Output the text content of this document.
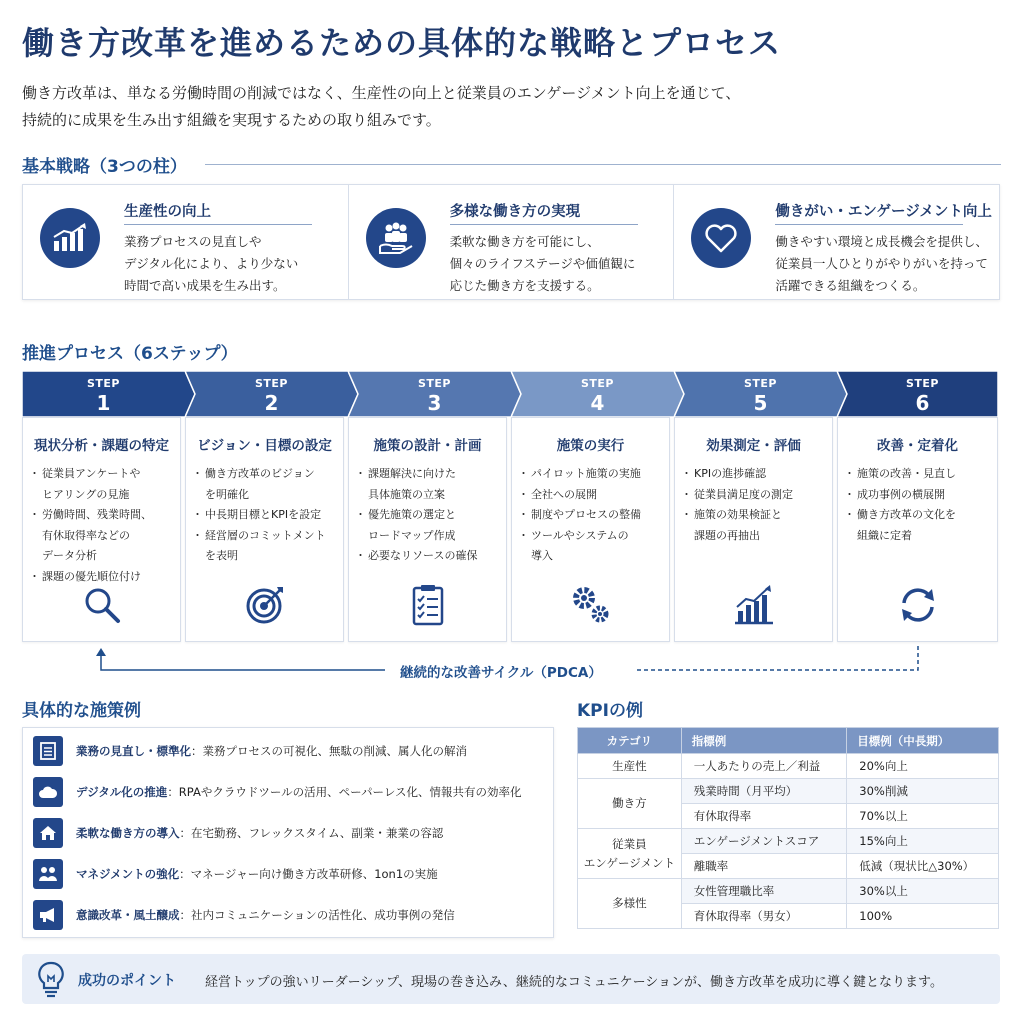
働き方改革を進めるための具体的な戦略とプロセス
働き方改革は、単なる労働時間の削減ではなく、生産性の向上と従業員のエンゲージメント向上を通じて、
持続的に成果を生み出す組織を実現するための取り組みです。
基本戦略（3つの柱）
生産性の向上
業務プロセスの見直しや
デジタル化により、より少ない
時間で高い成果を生み出す。
多様な働き方の実現
柔軟な働き方を可能にし、
個々のライフステージや価値観に
応じた働き方を支援する。
働きがい・エンゲージメント向上
働きやすい環境と成長機会を提供し、
従業員一人ひとりがやりがいを持って
活躍できる組織をつくる。
推進プロセス（6ステップ）
STEP
1
STEP
2
STEP
3
STEP
4
STEP
5
STEP
6
現状分析・課題の特定
・ 従業員アンケートや
ヒアリングの見施
・ 労働時間、残業時間、
有休取得率などの
データ分析
・ 課題の優先順位付け
ビジョン・目標の設定
・ 働き方改革のビジョン
を明確化
・ 中長期目標とKPIを設定
・ 経営層のコミットメント
を表明
施策の設計・計画
・ 課題解決に向けた
具体施策の立案
・ 優先施策の選定と
ロードマップ作成
・ 必要なリソースの確保
施策の実行
・ パイロット施策の実施
・ 全社への展開
・ 制度やプロセスの整備
・ ツールやシステムの
導入
効果測定・評価
・ KPIの進捗確認
・ 従業員満足度の測定
・ 施策の効果検証と
課題の再抽出
改善・定着化
・ 施策の改善・見直し
・ 成功事例の横展開
・ 働き方改革の文化を
組織に定着
継続的な改善サイクル（PDCA）
具体的な施策例
業務の見直し・標準化：業務プロセスの可視化、無駄の削減、属人化の解消
デジタル化の推進：RPAやクラウドツールの活用、ペーパーレス化、情報共有の効率化
柔軟な働き方の導入：在宅勤務、フレックスタイム、副業・兼業の容認
マネジメントの強化：マネージャー向け働き方改革研修、1on1の実施
意識改革・風土醸成：社内コミュニケーションの活性化、成功事例の発信
KPIの例
カテゴリ	指標例	目標例（中長期）
生産性	一人あたりの売上／利益	20%向上
働き方	残業時間（月平均）	30%削減
	有休取得率	70%以上
従業員
エンゲージメント	エンゲージメントスコア	15%向上
	離職率	低減（現状比△30%）
多様性	女性管理職比率	30%以上
	育休取得率（男女）	100%
成功のポイント 経営トップの強いリーダーシップ、現場の巻き込み、継続的なコミュニケーションが、働き方改革を成功に導く鍵となります。
